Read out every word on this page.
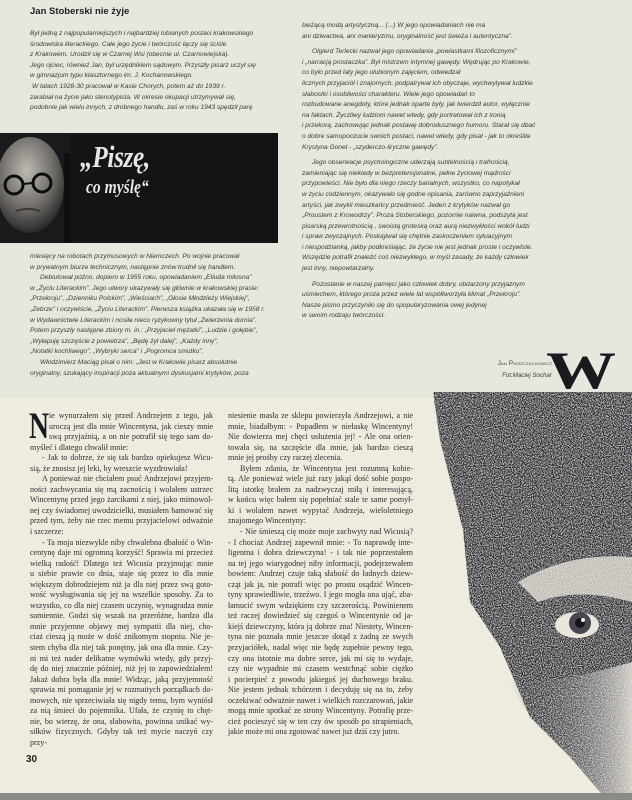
Jan Stoberski nie żyje
Był jedną z najpopularniejszych i najbardziej lubianych postaci krakowskiego
środowiska literackiego. Całe jego życie i twórczość łączy się ściśle
z Krakowem. Urodził się w Czarnej Wsi (obecnie ul. Czarnowiejska).
Jego ojciec, również Jan, był urzędnikiem sądowym. Przyszły pisarz uczył się
w gimnazjum typu klasztornego im. J. Kochanowskiego.
W latach 1928-30 pracował w Kasie Chorych, potem aż do 1939 r.
zarabiał na życie jako stenotypista. W okresie okupacji utrzymywał się,
podobnie jak wielu innych, z drobnego handlu, zaś w roku 1943 spędził parę
„Piszę,
co myślę“
miesięcy na robotach przymusowych w Niemczech. Po wojnie pracował
w prywatnym biurze technicznym, następnie znów trudnił się handlem.
Debiutował późno, dopiero w 1955 roku, opowiadaniem „Etiuda miłosna”
w „Życiu Literackim”. Jego utwory ukazywały się głównie w krakowskiej prasie:
„Przekroju”, „Dzienniku Polskim”, „Wieściach”, „Głosie Młodzieży Wiejskiej”,
„Zebrze” i oczywiście, „Życiu Literackim”. Pierwsza książka ukazała się w 1958 r.
w Wydawnictwie Literackim i nosiła nieco ryzykowny tytuł „Zwierzenia durnia”.
Potem przyszły następne zbiory m. in.: „Przyjaciel mężatki”, „Ludzie i gołębie”,
„Wyłapuję szczęście z powietrza”, „Będę żył dalej”, „Każdy inny”,
„Notatki kochliwego”, „Wybryki serca” i „Pogromca smutku”.
Włodzimierz Maciąg pisał o nim: „Jest w Krakowie pisarz absolutnie
oryginalny, szukający inspiracji poza aktualnymi dyskusjami krytyków, poza
bieżącą modą artystyczną... (...) W jego opowiadaniach nie ma
ani dziwactwa, ani manieryzmu, oryginalność jest świeża i autentyczna”.
Olgierd Terlecki nazwał jego opowiadania „powiastkami filozoficznymi”
i „narracją prostaczka”. Był mistrzem intymnej gawędy. Wędrując po Krakowie,
co było przed laty jego ulubionym zajęciem, odwiedzał
licznych przyjaciół i znajomych, podpatrywał ich obyczaje, wychwytywał ludzkie
słabostki i osobliwości charakteru. Wiele jego opowiadań to
rozbudowane anegdoty, które jednak oparte były, jak twierdził autor, wyłącznie
na faktach. Życzliwy ludziom nawet wtedy, gdy portretował ich z ironią
i przekorą, zachowując jednak postawę dobrodusznego humoru. Starał się dbać
o dobre samopoczucie swoich postaci, nawet wtedy, gdy pisał - jak to określiła
Krystyna Gonet - „szyderczo-liryczne gawędy”.
Jego obserwacje psychologiczne uderzają subtelnością i trafnością,
zamieniając się niekiedy w bezpretensjonalne, pełne życiowej mądrości
przypowieści. Nie było dla niego rzeczy banalnych, wszystko, co napotykał
w życiu codziennym, okazywało się godne opisania, zarówno zaprzyjaźnieni
artyści, jak zwykli mieszkańcy przedmieść. Jeden z krytyków nazwał go
„Proustem z Krowodrzy”. Proza Stoberskiego, pozornie naiwna, podszyta jest
pisarską przewrotnością , swoistą groteską oraz aurą niezwykłości wokół ludzi
i spraw zwyczajnych. Posługiwał się chętnie zaskoczeniem sytuacyjnym
i niespodzianką, jakby podkreślając, że życie nie jest jednak proste i oczywiste.
Wszędzie potrafił znaleźć coś niezwykłego, w myśl zasady, że każdy człowiek
jest inny, niepowtarzalny.
Pozostanie w naszej pamięci jako człowiek dobry, obdarzony przyjaznym
uśmiechem, którego proza przez wiele lat współtworzyła klimat „Przekroju”.
Nasze pismo przyczyniło się do spopularyzowania owej jedynej
w swoim rodzaju twórczości.
Jan Pieszczachowicz
Fot.Maciej Sochar
W
N ie wynurzałem się przed Andrzejem z tego, jak
uroczą jest dla mnie Wincentyna, jak cieszy mnie
swą przyjaźnią, a on nie potrafił się tego sam do-
myśleć i dlatego chwalił mnie:
- Jak to dobrze, że się tak bardzo opiekujesz Wicu-
sią, że znosisz jej leki, by wreszcie wyzdrowiała!
A ponieważ nie chciałem psuć Andrzejowi przyjem-
ności zachwycania się mą zacnością i wolałem ustrzec
Wincentynę przed jego żarcikami z niej, jako mimowol-
nej czy świadomej uwodzicielki, musiałem hamować się
przed tym, żeby nie rzec memu przyjacielowi odważnie
i szczerze:
- Ta moja niezwykle niby chwalebna dbałość o Win-
centynę daje mi ogromną korzyść! Sprawia mi przecież
wielką radość! Dlatego też Wicusia przyjmując mnie
u siebie prawie co dnia, staje się przez to dla mnie
większym dobrodziejem niż ja dla niej przez swą goto-
wość wysługiwania się jej na wszelkie sposoby. Za to
wszystko, co dla niej czasem uczynię, wynagradza mnie
sumiennie. Godzi się wszak na przeróżne, bardzo dla
mnie przyjemne objawy mej sympatii dla niej, cho-
ciaż cieszą ją może w dość znikomym stopniu. Nie je-
stem chyba dla niej tak ponętny, jak ona dla mnie. Czy-
ni mi też nader delikatne wymówki wtedy, gdy przyj-
dę do niej znacznie później, niż jej to zapowiedziałem!
Jakaż dobra była dla mnie! Widząc, jaką przyjemność
sprawia mi pomaganie jej w rozmaitych porządkach do-
mowych, nie sprzeciwiała się nigdy temu, bym wyniósł
za nią śmieci do pojemnika. Ufała, że czynię to chęt-
nie, bo wierzę, że ona, słabowita, powinna unikać wy-
siłków fizycznych. Gdyby tak też mycie naczyń czy przy-
niesienie masła ze sklepu powierzyła Andrzejowi, a nie
mnie, biadałbym: - Popadłem w niełaskę Wincentyny!
Nie dowierza mej chęci usłużenia jej! - Ale ona orien-
towała się, na szczęście dla mnie, jak bardzo cieszą
mnie jej prośby czy raczej zlecenia.
Byłem zdania, że Wincentyna jest rozumną kobie-
tą. Ale ponieważ wiele już razy jakąś dość sobie pospo-
litą istotkę brałem za nadzwyczaj miłą i interesującą,
w końcu więc bałem się popełniać stale te same pomył-
ki i wolałem nawet wypytać Andrzeja, wieloletniego
znajomego Wincentyny:
- Nie śmieszą cię może moje zachwyty nad Wicusią?
- I chociaż Andrzej zapewnił mnie: - To naprawdę inte-
ligentna i dobra dziewczyna! - i tak nie poprzestałem
na tej jego wiarygodnej niby informacji, podejrzewałem
bowiem: Andrzej czuje taką słabość do ładnych dziew-
cząt jak ja, nie potrafi więc po prostu osądzić Wincen-
tyny sprawiedliwie, trzeźwo. I jego mogła ona ująć, zba-
łamucić swym wdziękiem czy szczerością. Powinienem
też raczej dowiedzieć się czegoś o Wincentynie od ja-
kiejś dziewczyny, która ją dobrze zna! Niestety, Wincen-
tyna nie poznała mnie jeszcze dotąd z żadną ze swych
przyjaciółek, nadal więc nie będę zupełnie pewny tego,
czy ona istotnie ma dobre serce, jak mi się to wydaje,
czy nie wypadnie mi czasem westchnąć sobie ciężko
i pocierpieć z powodu jakiegoś jej duchowego braku.
Nie jestem jednak tchórzem i decyduję się na to, żeby
oczekiwać odważnie nawet i wielkich rozczarowań, jakie
mogą mnie spotkać ze strony Wincentyny. Potrafię prze-
cież pocieszyć się w ten czy ów sposób po strapieniach,
jakie może mi ona zgotować nawet już dziś czy jutro.
30
